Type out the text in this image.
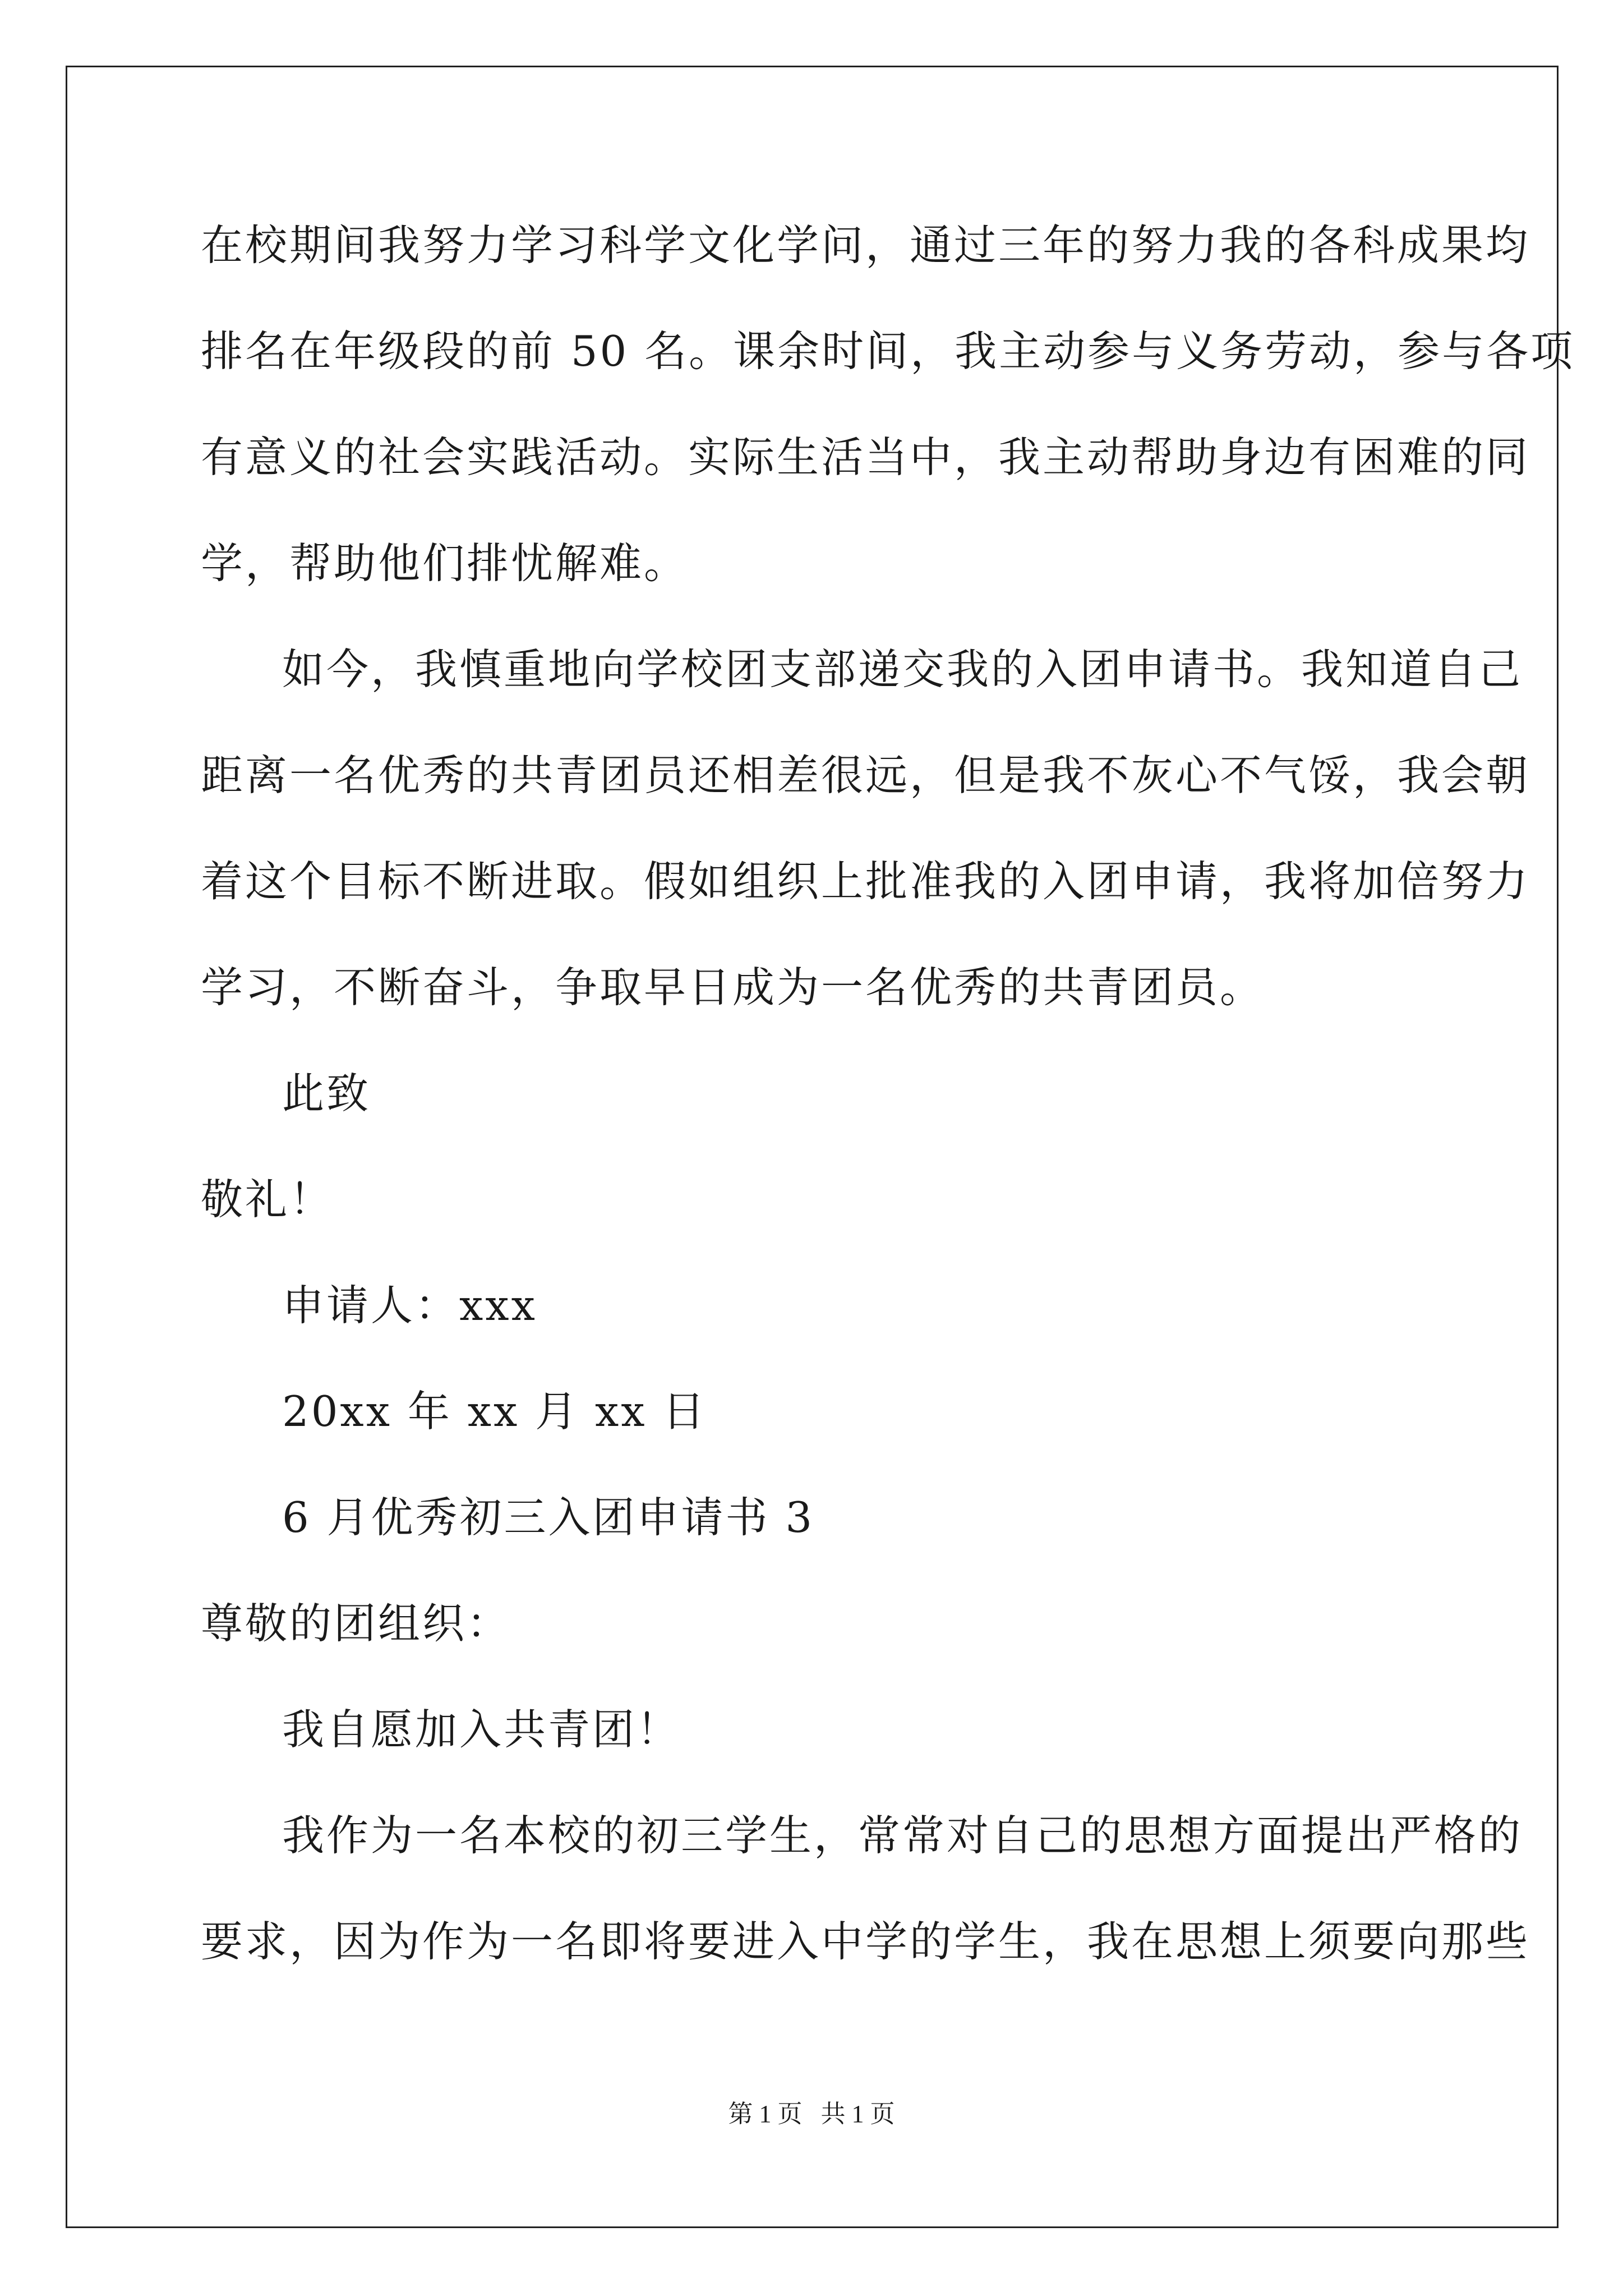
在校期间我努力学习科学文化学问，通过三年的努力我的各科成果均
排名在年级段的前 50 名。课余时间，我主动参与义务劳动，参与各项
有意义的社会实践活动。实际生活当中，我主动帮助身边有困难的同
学，帮助他们排忧解难。
如今，我慎重地向学校团支部递交我的入团申请书。我知道自己
距离一名优秀的共青团员还相差很远，但是我不灰心不气馁，我会朝
着这个目标不断进取。假如组织上批准我的入团申请，我将加倍努力
学习，不断奋斗，争取早日成为一名优秀的共青团员。
此致
敬礼！
申请人：xxx
20xx 年 xx 月 xx 日
6 月优秀初三入团申请书 3
尊敬的团组织：
我自愿加入共青团！
我作为一名本校的初三学生，常常对自己的思想方面提出严格的
要求，因为作为一名即将要进入中学的学生，我在思想上须要向那些
第 1 页   共 1 页
